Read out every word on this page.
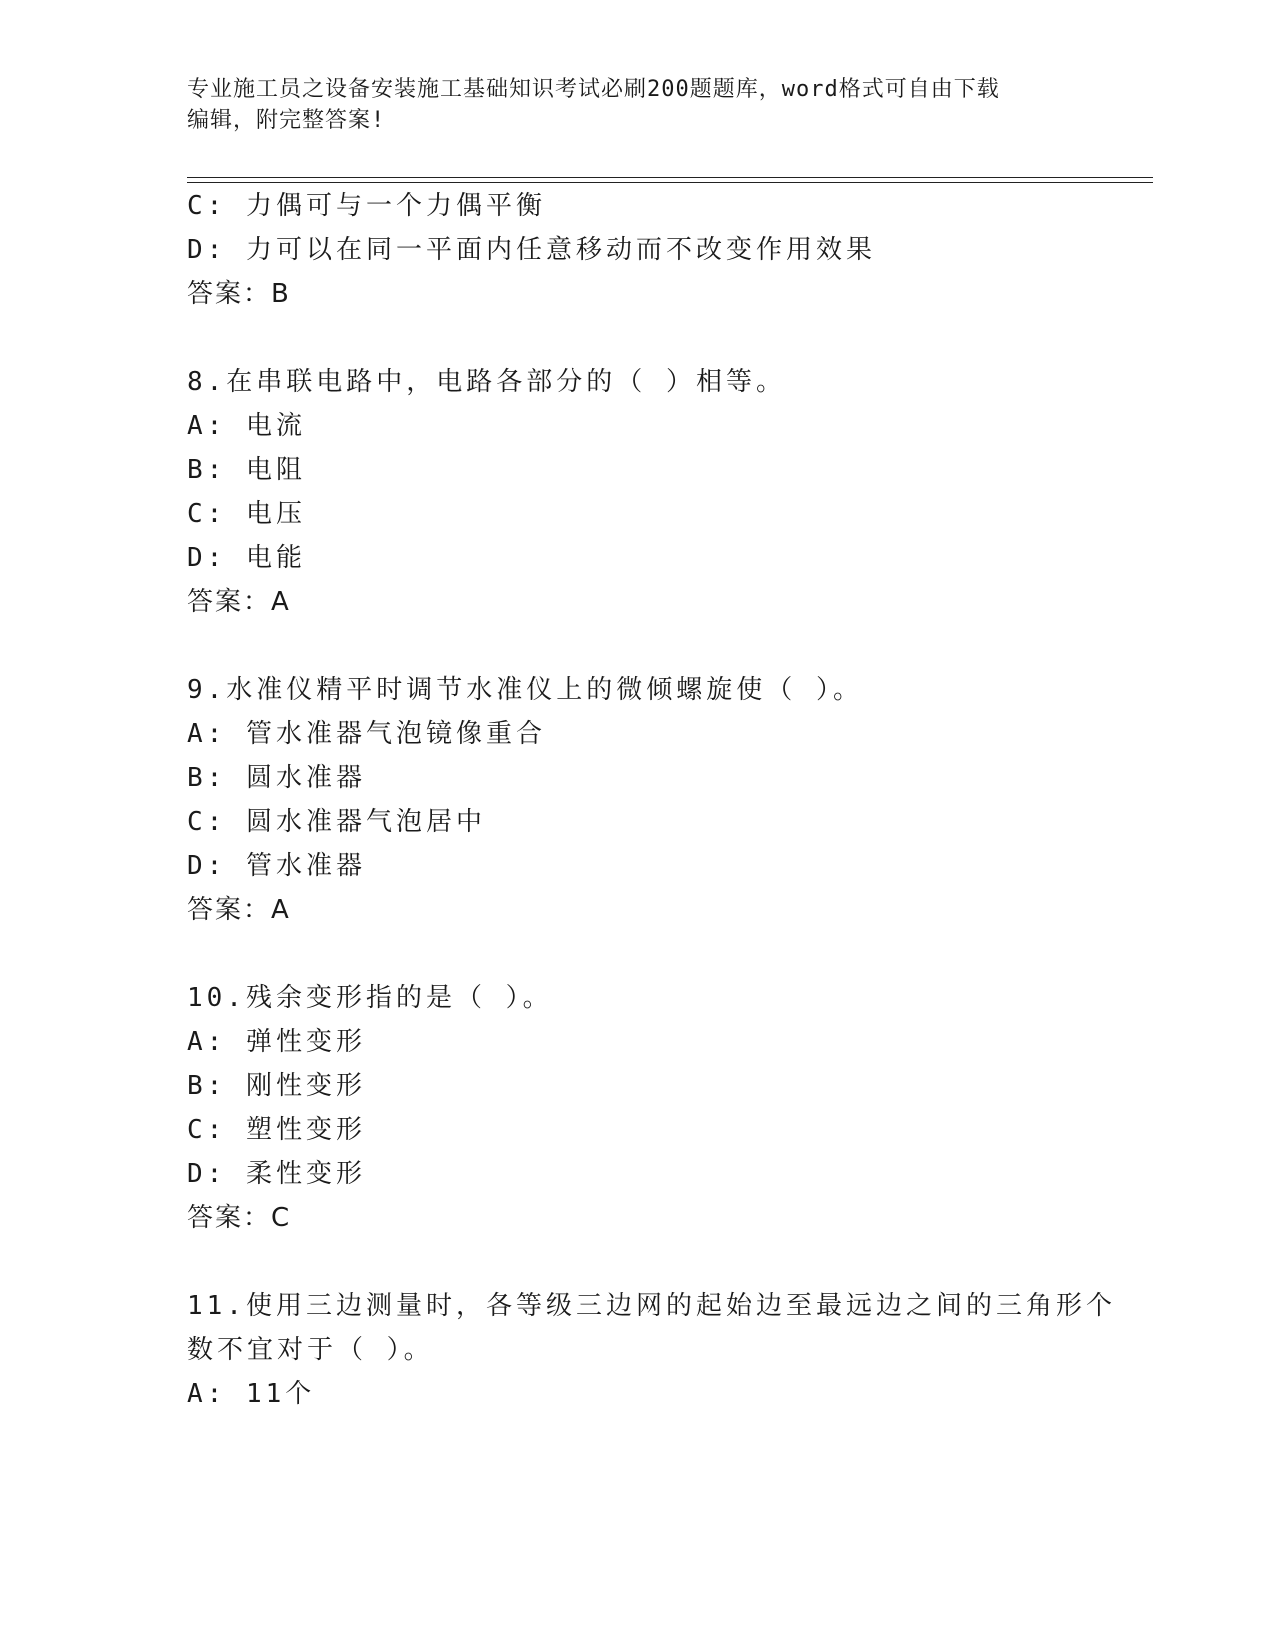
专业施工员之设备安装施工基础知识考试必刷200题题库，word格式可自由下载
编辑，附完整答案!
C: 力偶可与一个力偶平衡
D: 力可以在同一平面内任意移动而不改变作用效果
答案：B
8.在串联电路中，电路各部分的（ ）相等。
A: 电流
B: 电阻
C: 电压
D: 电能
答案：A
9.水准仪精平时调节水准仪上的微倾螺旋使（ ）。
A: 管水准器气泡镜像重合
B: 圆水准器
C: 圆水准器气泡居中
D: 管水准器
答案：A
10.残余变形指的是（ ）。
A: 弹性变形
B: 刚性变形
C: 塑性变形
D: 柔性变形
答案：C
11.使用三边测量时，各等级三边网的起始边至最远边之间的三角形个
数不宜对于（ ）。
A: 11个
